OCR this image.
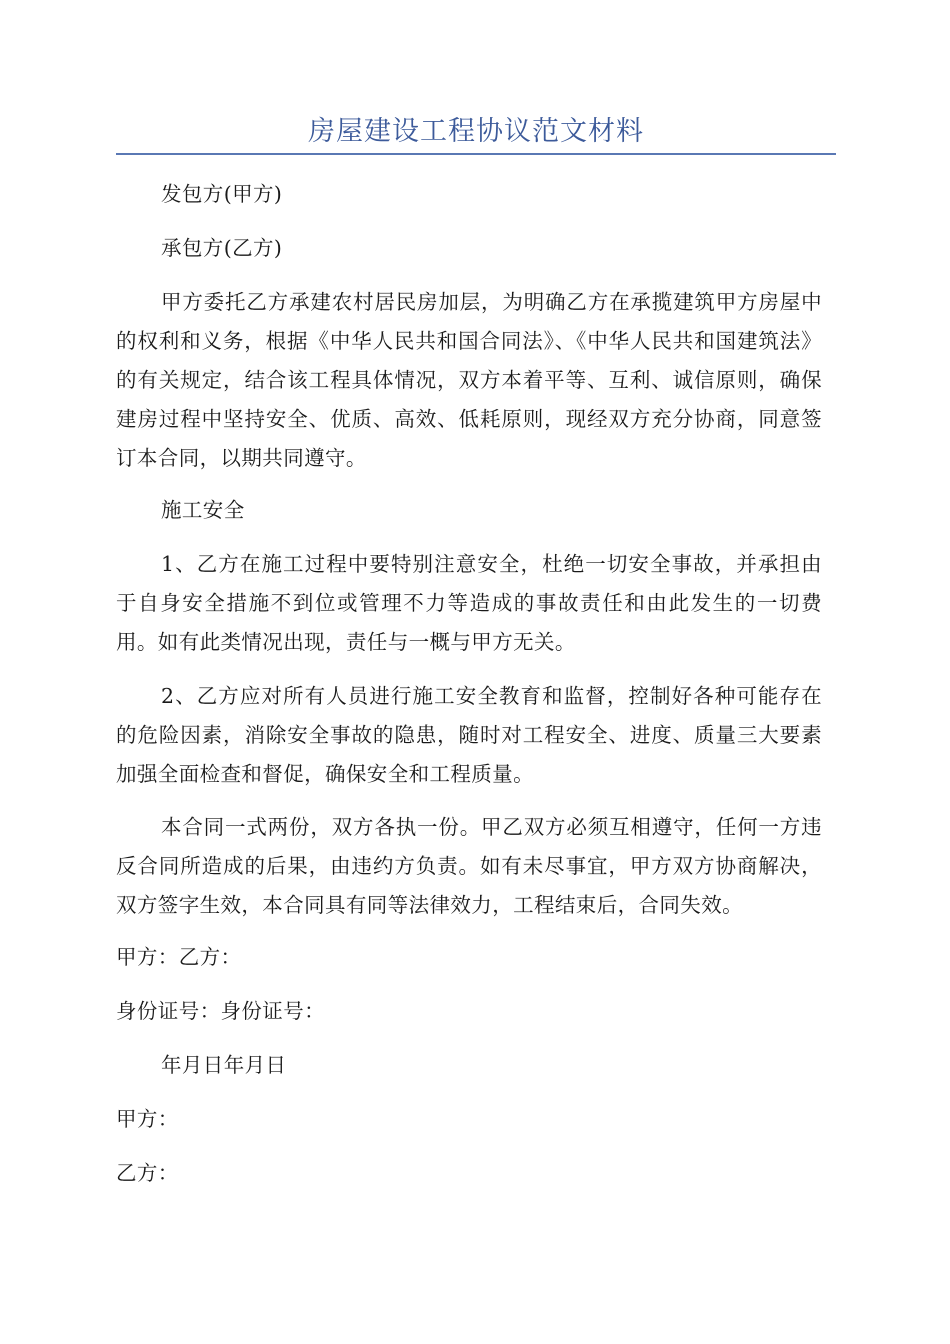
房屋建设工程协议范文材料

发包方(甲方)

承包方(乙方)

甲方委托乙方承建农村居民房加层，为明确乙方在承揽建筑甲方房屋中的权利和义务，根据《中华人民共和国合同法》、《中华人民共和国建筑法》的有关规定，结合该工程具体情况，双方本着平等、互利、诚信原则，确保建房过程中坚持安全、优质、高效、低耗原则，现经双方充分协商，同意签订本合同，以期共同遵守。

施工安全

1、乙方在施工过程中要特别注意安全，杜绝一切安全事故，并承担由于自身安全措施不到位或管理不力等造成的事故责任和由此发生的一切费用。如有此类情况出现，责任与一概与甲方无关。

2、乙方应对所有人员进行施工安全教育和监督，控制好各种可能存在的危险因素，消除安全事故的隐患，随时对工程安全、进度、质量三大要素加强全面检查和督促，确保安全和工程质量。

本合同一式两份，双方各执一份。甲乙双方必须互相遵守，任何一方违反合同所造成的后果，由违约方负责。如有未尽事宜，甲方双方协商解决，双方签字生效，本合同具有同等法律效力，工程结束后，合同失效。

甲方：乙方：

身份证号：身份证号：

年月日年月日

甲方：

乙方：
